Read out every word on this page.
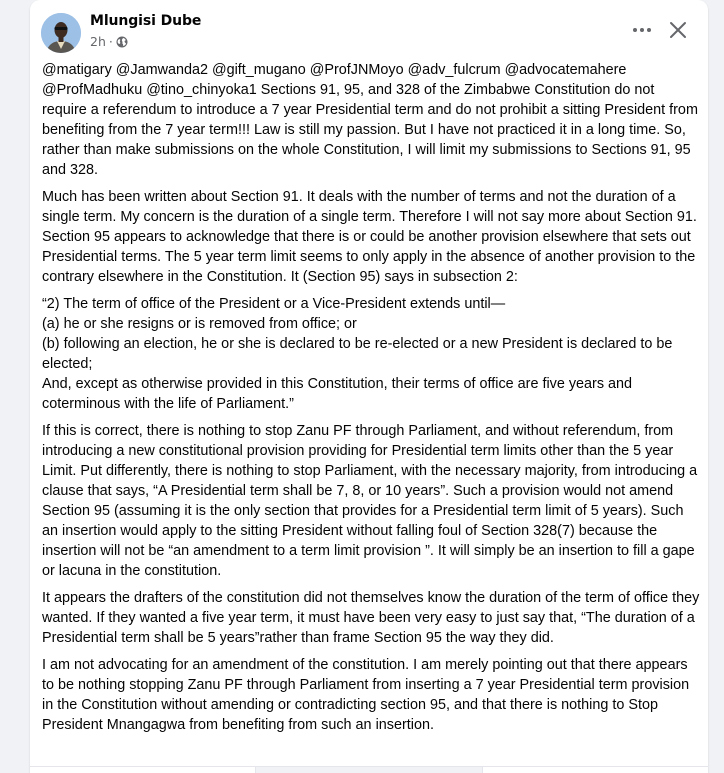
Mlungisi Dube
2h ·

@matigary @Jamwanda2 @gift_mugano @ProfJNMoyo @adv_fulcrum @advocatemahere @ProfMadhuku @tino_chinyoka1 Sections 91, 95, and 328 of the Zimbabwe Constitution do not require a referendum to introduce a 7 year Presidential term and do not prohibit a sitting President from benefiting from the 7 year term!!! Law is still my passion. But I have not practiced it in a long time. So, rather than make submissions on the whole Constitution, I will limit my submissions to Sections 91, 95 and 328.

Much has been written about Section 91. It deals with the number of terms and not the duration of a single term. My concern is the duration of a single term. Therefore I will not say more about Section 91. Section 95 appears to acknowledge that there is or could be another provision elsewhere that sets out Presidential terms. The 5 year term limit seems to only apply in the absence of another provision to the contrary elsewhere in the Constitution. It (Section 95) says in subsection 2:

“2) The term of office of the President or a Vice-President extends until—

(a) he or she resigns or is removed from office; or

(b) following an election, he or she is declared to be re-elected or a new President is declared to be elected;

And, except as otherwise provided in this Constitution, their terms of office are five years and coterminous with the life of Parliament.”

If this is correct, there is nothing to stop Zanu PF through Parliament, and without referendum, from introducing a new constitutional provision providing for Presidential term limits other than the 5 year Limit. Put differently, there is nothing to stop Parliament, with the necessary majority, from introducing a clause that says, “A Presidential term shall be 7, 8, or 10 years”. Such a provision would not amend Section 95 (assuming it is the only section that provides for a Presidential term limit of 5 years). Such an insertion would apply to the sitting President without falling foul of Section 328(7) because the insertion will not be “an amendment to a term limit provision ”. It will simply be an insertion to fill a gape or lacuna in the constitution.

It appears the drafters of the constitution did not themselves know the duration of the term of office they wanted. If they wanted a five year term, it must have been very easy to just say that, “The duration of a Presidential term shall be 5 years”rather than frame Section 95 the way they did.

I am not advocating for an amendment of the constitution. I am merely pointing out that there appears to be nothing stopping Zanu PF through Parliament from inserting a 7 year Presidential term provision in the Constitution without amending or contradicting section 95, and that there is nothing to Stop President Mnangagwa from benefiting from such an insertion.
